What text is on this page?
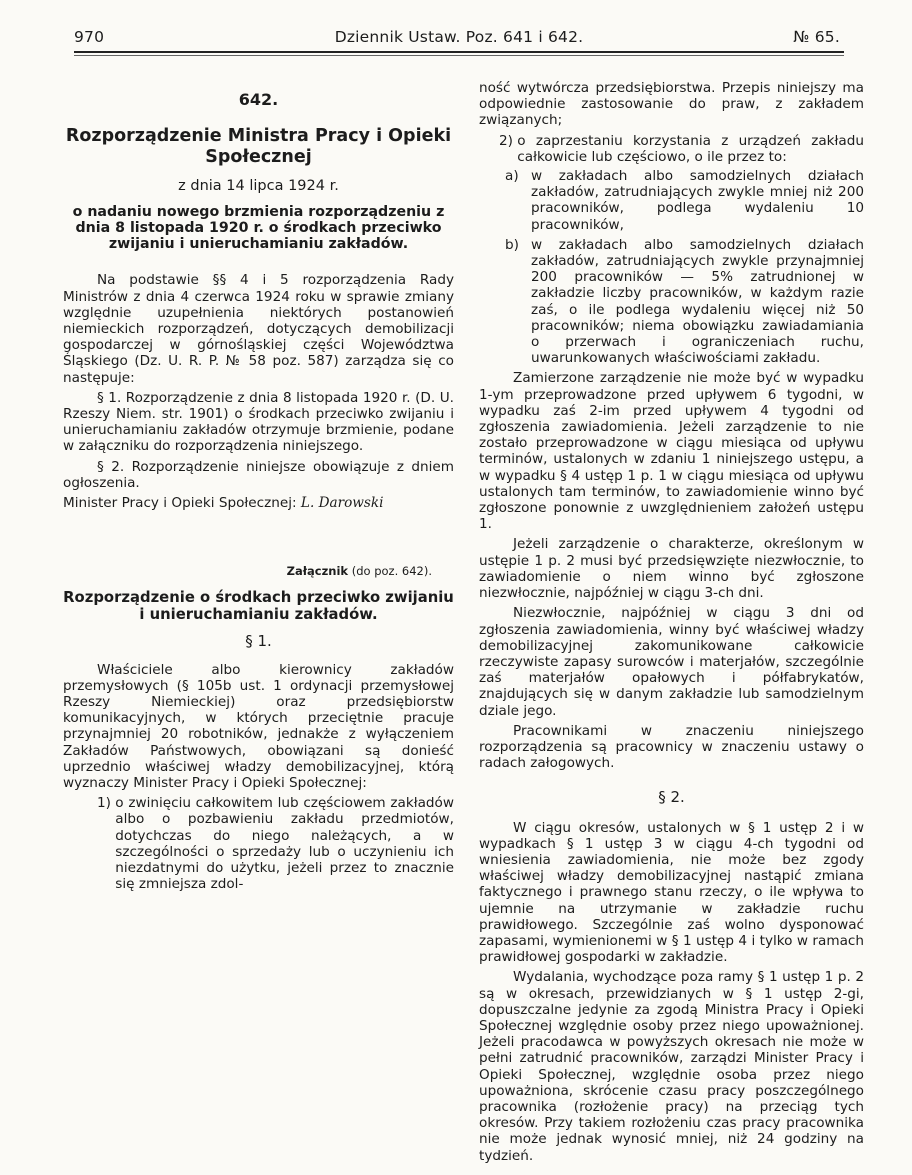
970	Dziennik Ustaw. Poz. 641 i 642.	№ 65.
642.
Rozporządzenie Ministra Pracy i Opieki Społecznej
z dnia 14 lipca 1924 r.
o nadaniu nowego brzmienia rozporządzeniu z dnia 8 listopada 1920 r. o środkach przeciwko zwijaniu i unieruchamianiu zakładów.

Na podstawie §§ 4 i 5 rozporządzenia Rady Ministrów z dnia 4 czerwca 1924 roku w sprawie zmiany względnie uzupełnienia niektórych postanowień niemieckich rozporządzeń, dotyczących demobilizacji gospodarczej w górnośląskiej części Województwa Śląskiego (Dz. U. R. P. № 58 poz. 587) zarządza się co następuje:

§ 1. Rozporządzenie z dnia 8 listopada 1920 r. (D. U. Rzeszy Niem. str. 1901) o środkach przeciwko zwijaniu i unieruchamianiu zakładów otrzymuje brzmienie, podane w załączniku do rozporządzenia niniejszego.

§ 2. Rozporządzenie niniejsze obowiązuje z dniem ogłoszenia.

Minister Pracy i Opieki Społecznej: L. Darowski

Załącznik (do poz. 642).
Rozporządzenie o środkach przeciwko zwijaniu i unieruchamianiu zakładów.
§ 1.

Właściciele albo kierownicy zakładów przemysłowych (§ 105b ust. 1 ordynacji przemysłowej Rzeszy Niemieckiej) oraz przedsiębiorstw komunikacyjnych, w których przeciętnie pracuje przynajmniej 20 robotników, jednakże z wyłączeniem Zakładów Państwowych, obowiązani są donieść uprzednio właściwej władzy demobilizacyjnej, którą wyznaczy Minister Pracy i Opieki Społecznej:

1)
o zwinięciu całkowitem lub częściowem zakładów albo o pozbawieniu zakładu przedmiotów, dotychczas do niego należących, a w szczególności o sprzedaży lub o uczynieniu ich niezdatnymi do użytku, jeżeli przez to znacznie się zmniejsza zdol-

ność wytwórcza przedsiębiorstwa. Przepis niniejszy ma odpowiednie zastosowanie do praw, z zakładem związanych;

2)
o zaprzestaniu korzystania z urządzeń zakładu całkowicie lub częściowo, o ile przez to:
a) w zakładach albo samodzielnych działach zakładów, zatrudniających zwykle mniej niż 200 pracowników, podlega wydaleniu 10 pracowników,
b) w zakładach albo samodzielnych działach zakładów, zatrudniających zwykle przynajmniej 200 pracowników — 5% zatrudnionej w zakładzie liczby pracowników, w każdym razie zaś, o ile podlega wydaleniu więcej niż 50 pracowników; niema obowiązku zawiadamiania o przerwach i ograniczeniach ruchu, uwarunkowanych właściwościami zakładu.

Zamierzone zarządzenie nie może być w wypadku 1-ym przeprowadzone przed upływem 6 tygodni, w wypadku zaś 2-im przed upływem 4 tygodni od zgłoszenia zawiadomienia. Jeżeli zarządzenie to nie zostało przeprowadzone w ciągu miesiąca od upływu terminów, ustalonych w zdaniu 1 niniejszego ustępu, a w wypadku § 4 ustęp 1 p. 1 w ciągu miesiąca od upływu ustalonych tam terminów, to zawiadomienie winno być zgłoszone ponownie z uwzględnieniem założeń ustępu 1.

Jeżeli zarządzenie o charakterze, określonym w ustępie 1 p. 2 musi być przedsięwzięte niezwłocznie, to zawiadomienie o niem winno być zgłoszone niezwłocznie, najpóźniej w ciągu 3-ch dni.

Niezwłocznie, najpóźniej w ciągu 3 dni od zgłoszenia zawiadomienia, winny być właściwej władzy demobilizacyjnej zakomunikowane całkowicie rzeczywiste zapasy surowców i materjałów, szczególnie zaś materjałów opałowych i półfabrykatów, znajdujących się w danym zakładzie lub samodzielnym dziale jego.

Pracownikami w znaczeniu niniejszego rozporządzenia są pracownicy w znaczeniu ustawy o radach załogowych.

§ 2.

W ciągu okresów, ustalonych w § 1 ustęp 2 i w wypadkach § 1 ustęp 3 w ciągu 4-ch tygodni od wniesienia zawiadomienia, nie może bez zgody właściwej władzy demobilizacyjnej nastąpić zmiana faktycznego i prawnego stanu rzeczy, o ile wpływa to ujemnie na utrzymanie w zakładzie ruchu prawidłowego. Szczególnie zaś wolno dysponować zapasami, wymienionemi w § 1 ustęp 4 i tylko w ramach prawidłowej gospodarki w zakładzie.

Wydalania, wychodzące poza ramy § 1 ustęp 1 p. 2 są w okresach, przewidzianych w § 1 ustęp 2-gi, dopuszczalne jedynie za zgodą Ministra Pracy i Opieki Społecznej względnie osoby przez niego upoważnionej. Jeżeli pracodawca w powyższych okresach nie może w pełni zatrudnić pracowników, zarządzi Minister Pracy i Opieki Społecznej, względnie osoba przez niego upoważniona, skrócenie czasu pracy poszczególnego pracownika (rozłożenie pracy) na przeciąg tych okresów. Przy takiem rozłożeniu czas pracy pracownika nie może jednak wynosić mniej, niż 24 godziny na tydzień.
